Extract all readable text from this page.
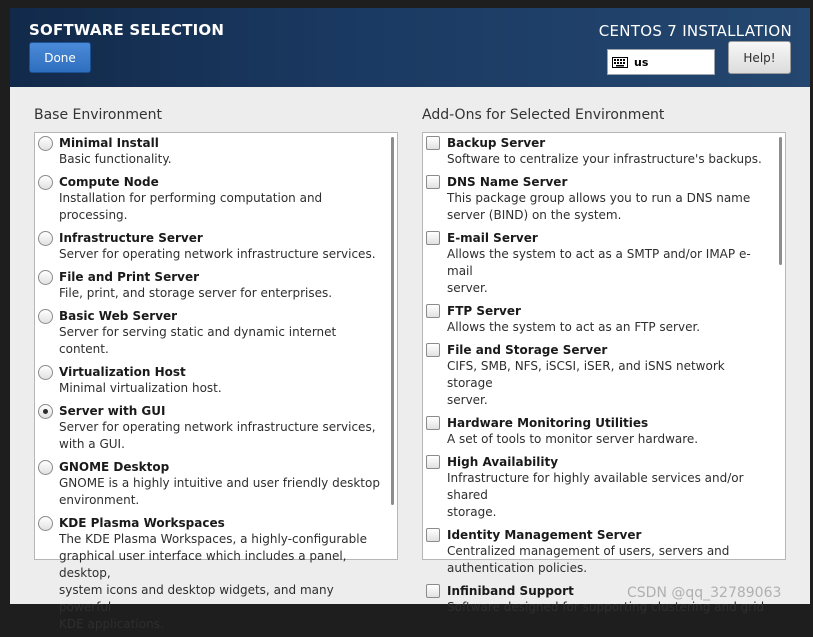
SOFTWARE SELECTION
Done
CENTOS 7 INSTALLATION
us	Help!
Base Environment	Add-Ons for Selected Environment
Minimal Install
Basic functionality.
Compute Node
Installation for performing computation and processing.
Infrastructure Server
Server for operating network infrastructure services.
File and Print Server
File, print, and storage server for enterprises.
Basic Web Server
Server for serving static and dynamic internet content.
Virtualization Host
Minimal virtualization host.
Server with GUI
Server for operating network infrastructure services,
with a GUI.
GNOME Desktop
GNOME is a highly intuitive and user friendly desktop
environment.
KDE Plasma Workspaces
The KDE Plasma Workspaces, a highly-configurable
graphical user interface which includes a panel, desktop,
system icons and desktop widgets, and many powerful
KDE applications.
Backup Server
Software to centralize your infrastructure's backups.
DNS Name Server
This package group allows you to run a DNS name
server (BIND) on the system.
E-mail Server
Allows the system to act as a SMTP and/or IMAP e-mail
server.
FTP Server
Allows the system to act as an FTP server.
File and Storage Server
CIFS, SMB, NFS, iSCSI, iSER, and iSNS network storage
server.
Hardware Monitoring Utilities
A set of tools to monitor server hardware.
High Availability
Infrastructure for highly available services and/or shared
storage.
Identity Management Server
Centralized management of users, servers and
authentication policies.
Infiniband Support
Software designed for supporting clustering and grid
CSDN @qq_32789063
